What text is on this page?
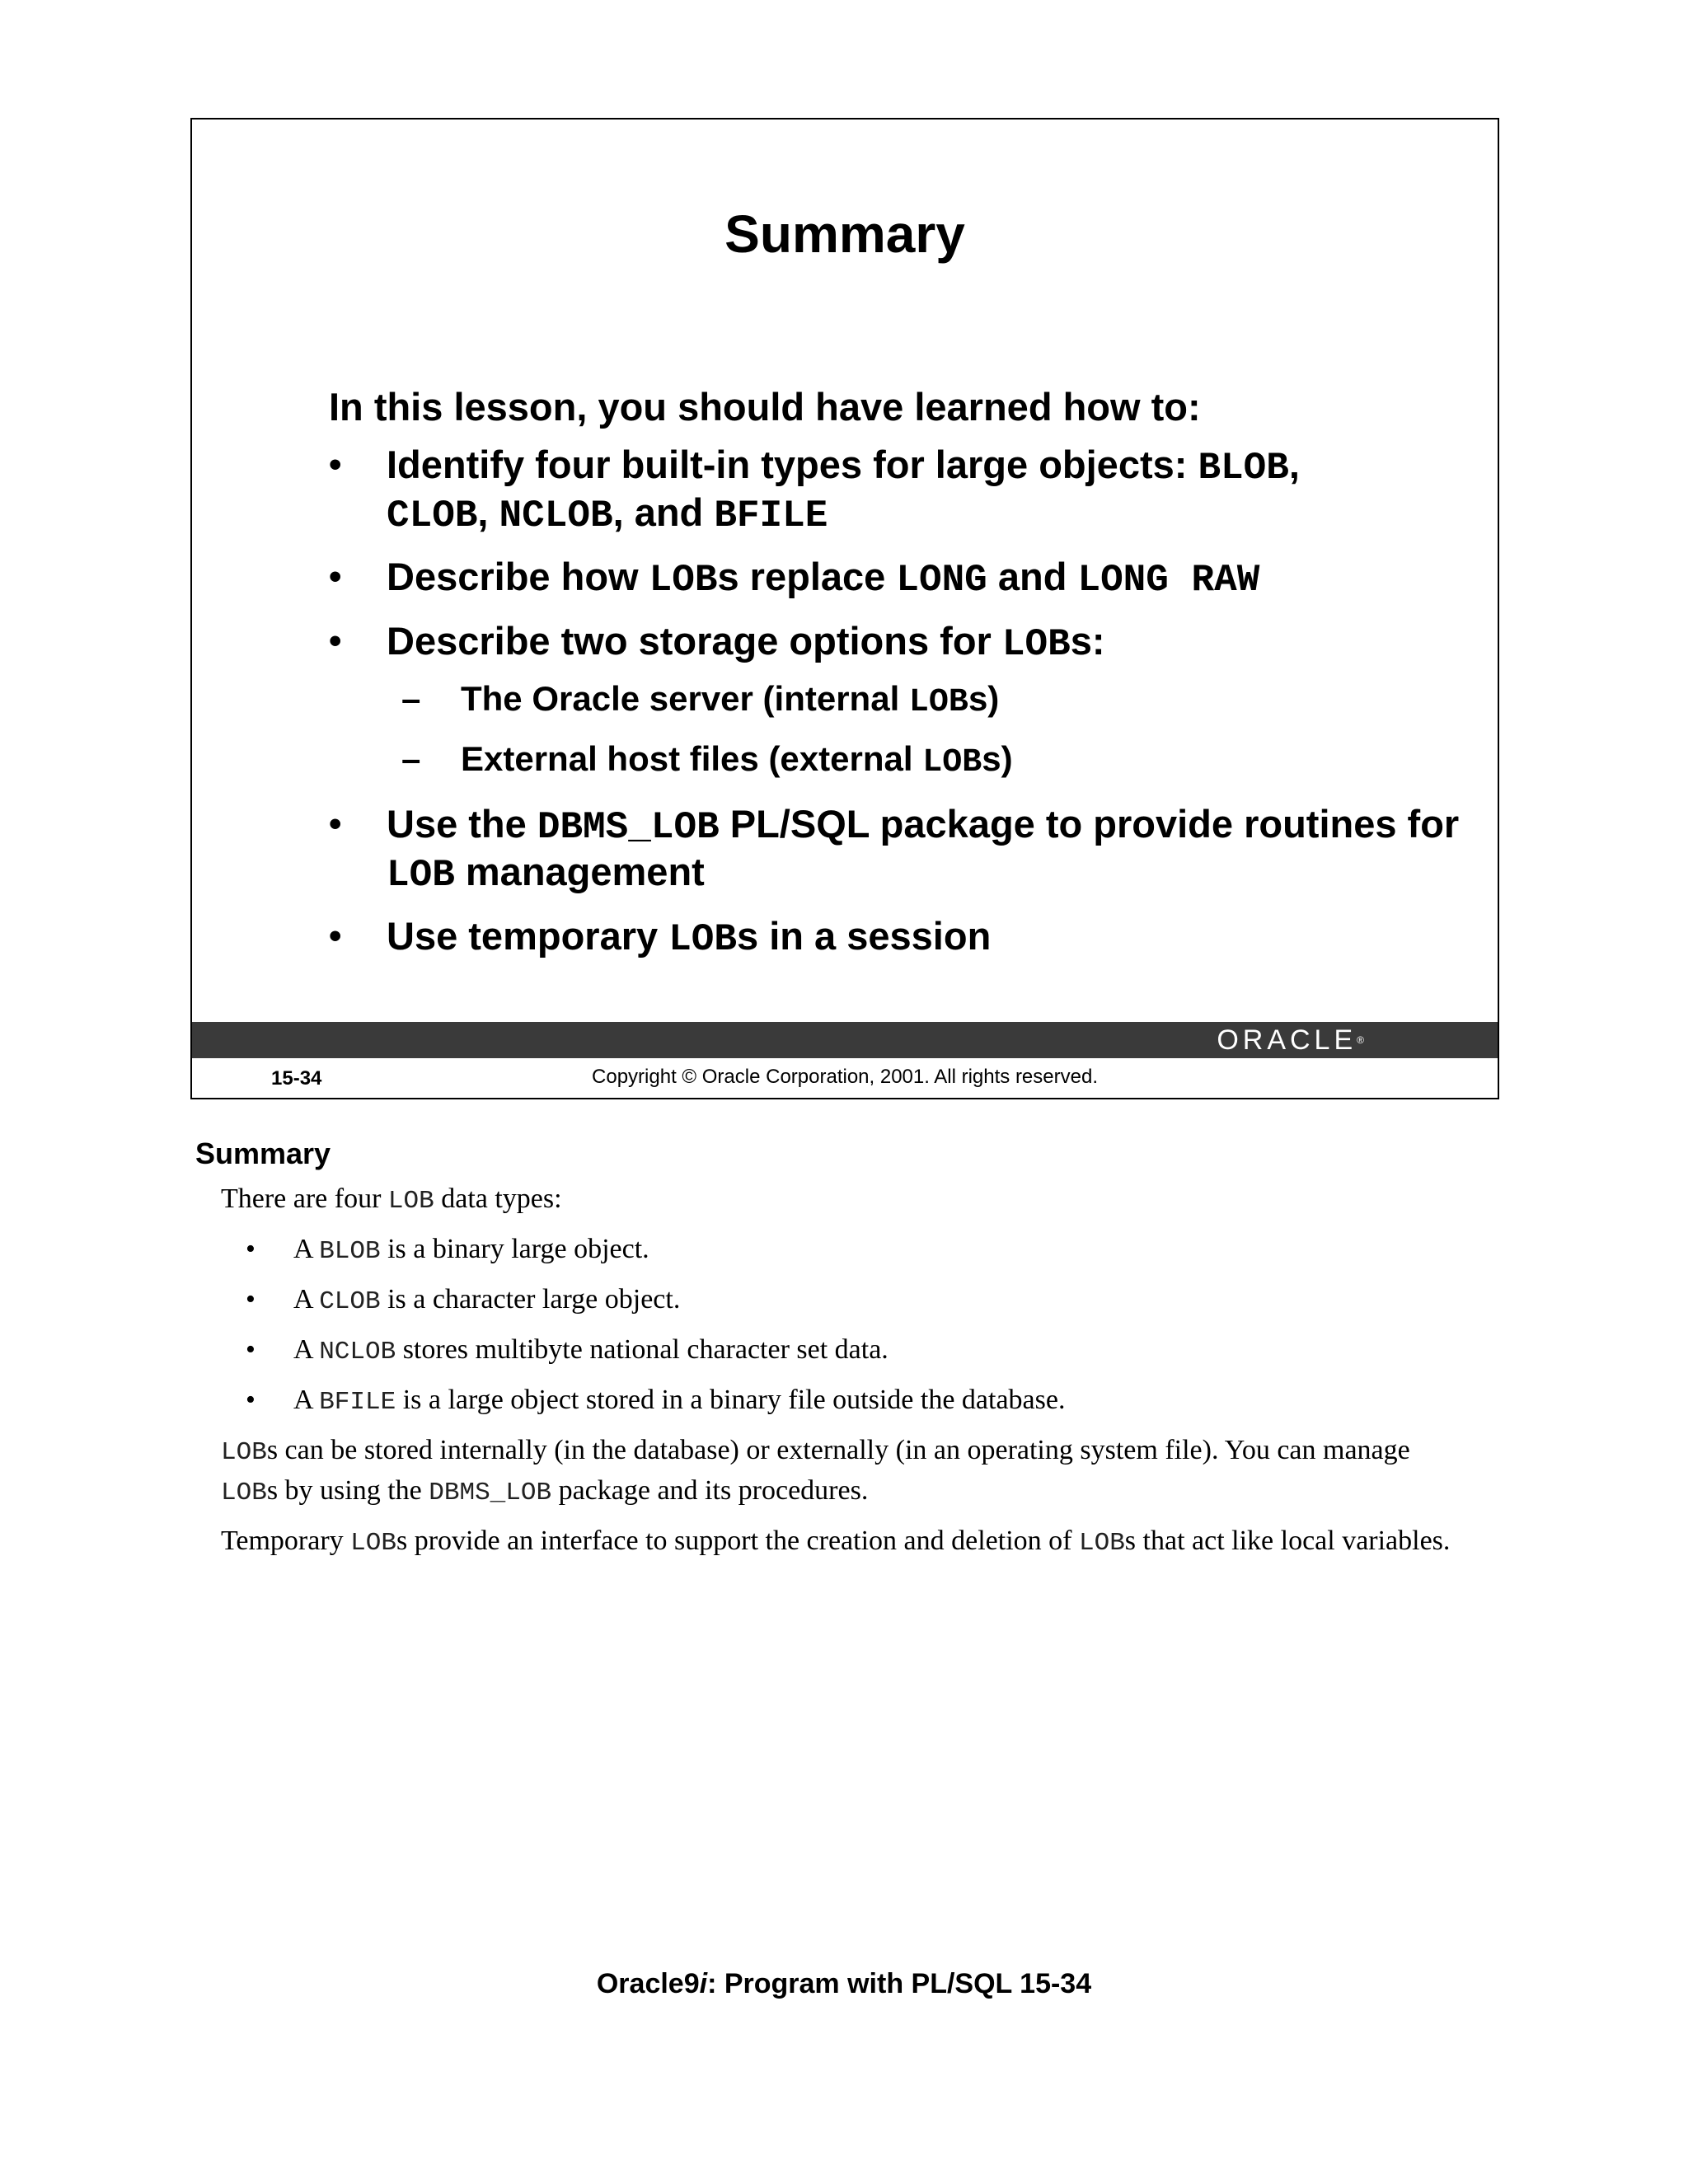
Summary

In this lesson, you should have learned how to:

• Identify four built-in types for large objects: BLOB,
CLOB, NCLOB, and BFILE
• Describe how LOBs replace LONG and LONG RAW
• Describe two storage options for LOBs:
– The Oracle server (internal LOBs)
– External host files (external LOBs)
• Use the DBMS_LOB PL/SQL package to provide routines for LOB management
• Use temporary LOBs in a session
ORACLE®
15-34	Copyright © Oracle Corporation, 2001. All rights reserved.
Summary

There are four LOB data types:

• A BLOB is a binary large object.
• A CLOB is a character large object.
• A NCLOB stores multibyte national character set data.
• A BFILE is a large object stored in a binary file outside the database.

LOBs can be stored internally (in the database) or externally (in an operating system file). You can manage LOBs by using the DBMS_LOB package and its procedures.

Temporary LOBs provide an interface to support the creation and deletion of LOBs that act like local variables.

Oracle9i: Program with PL/SQL 15-34
